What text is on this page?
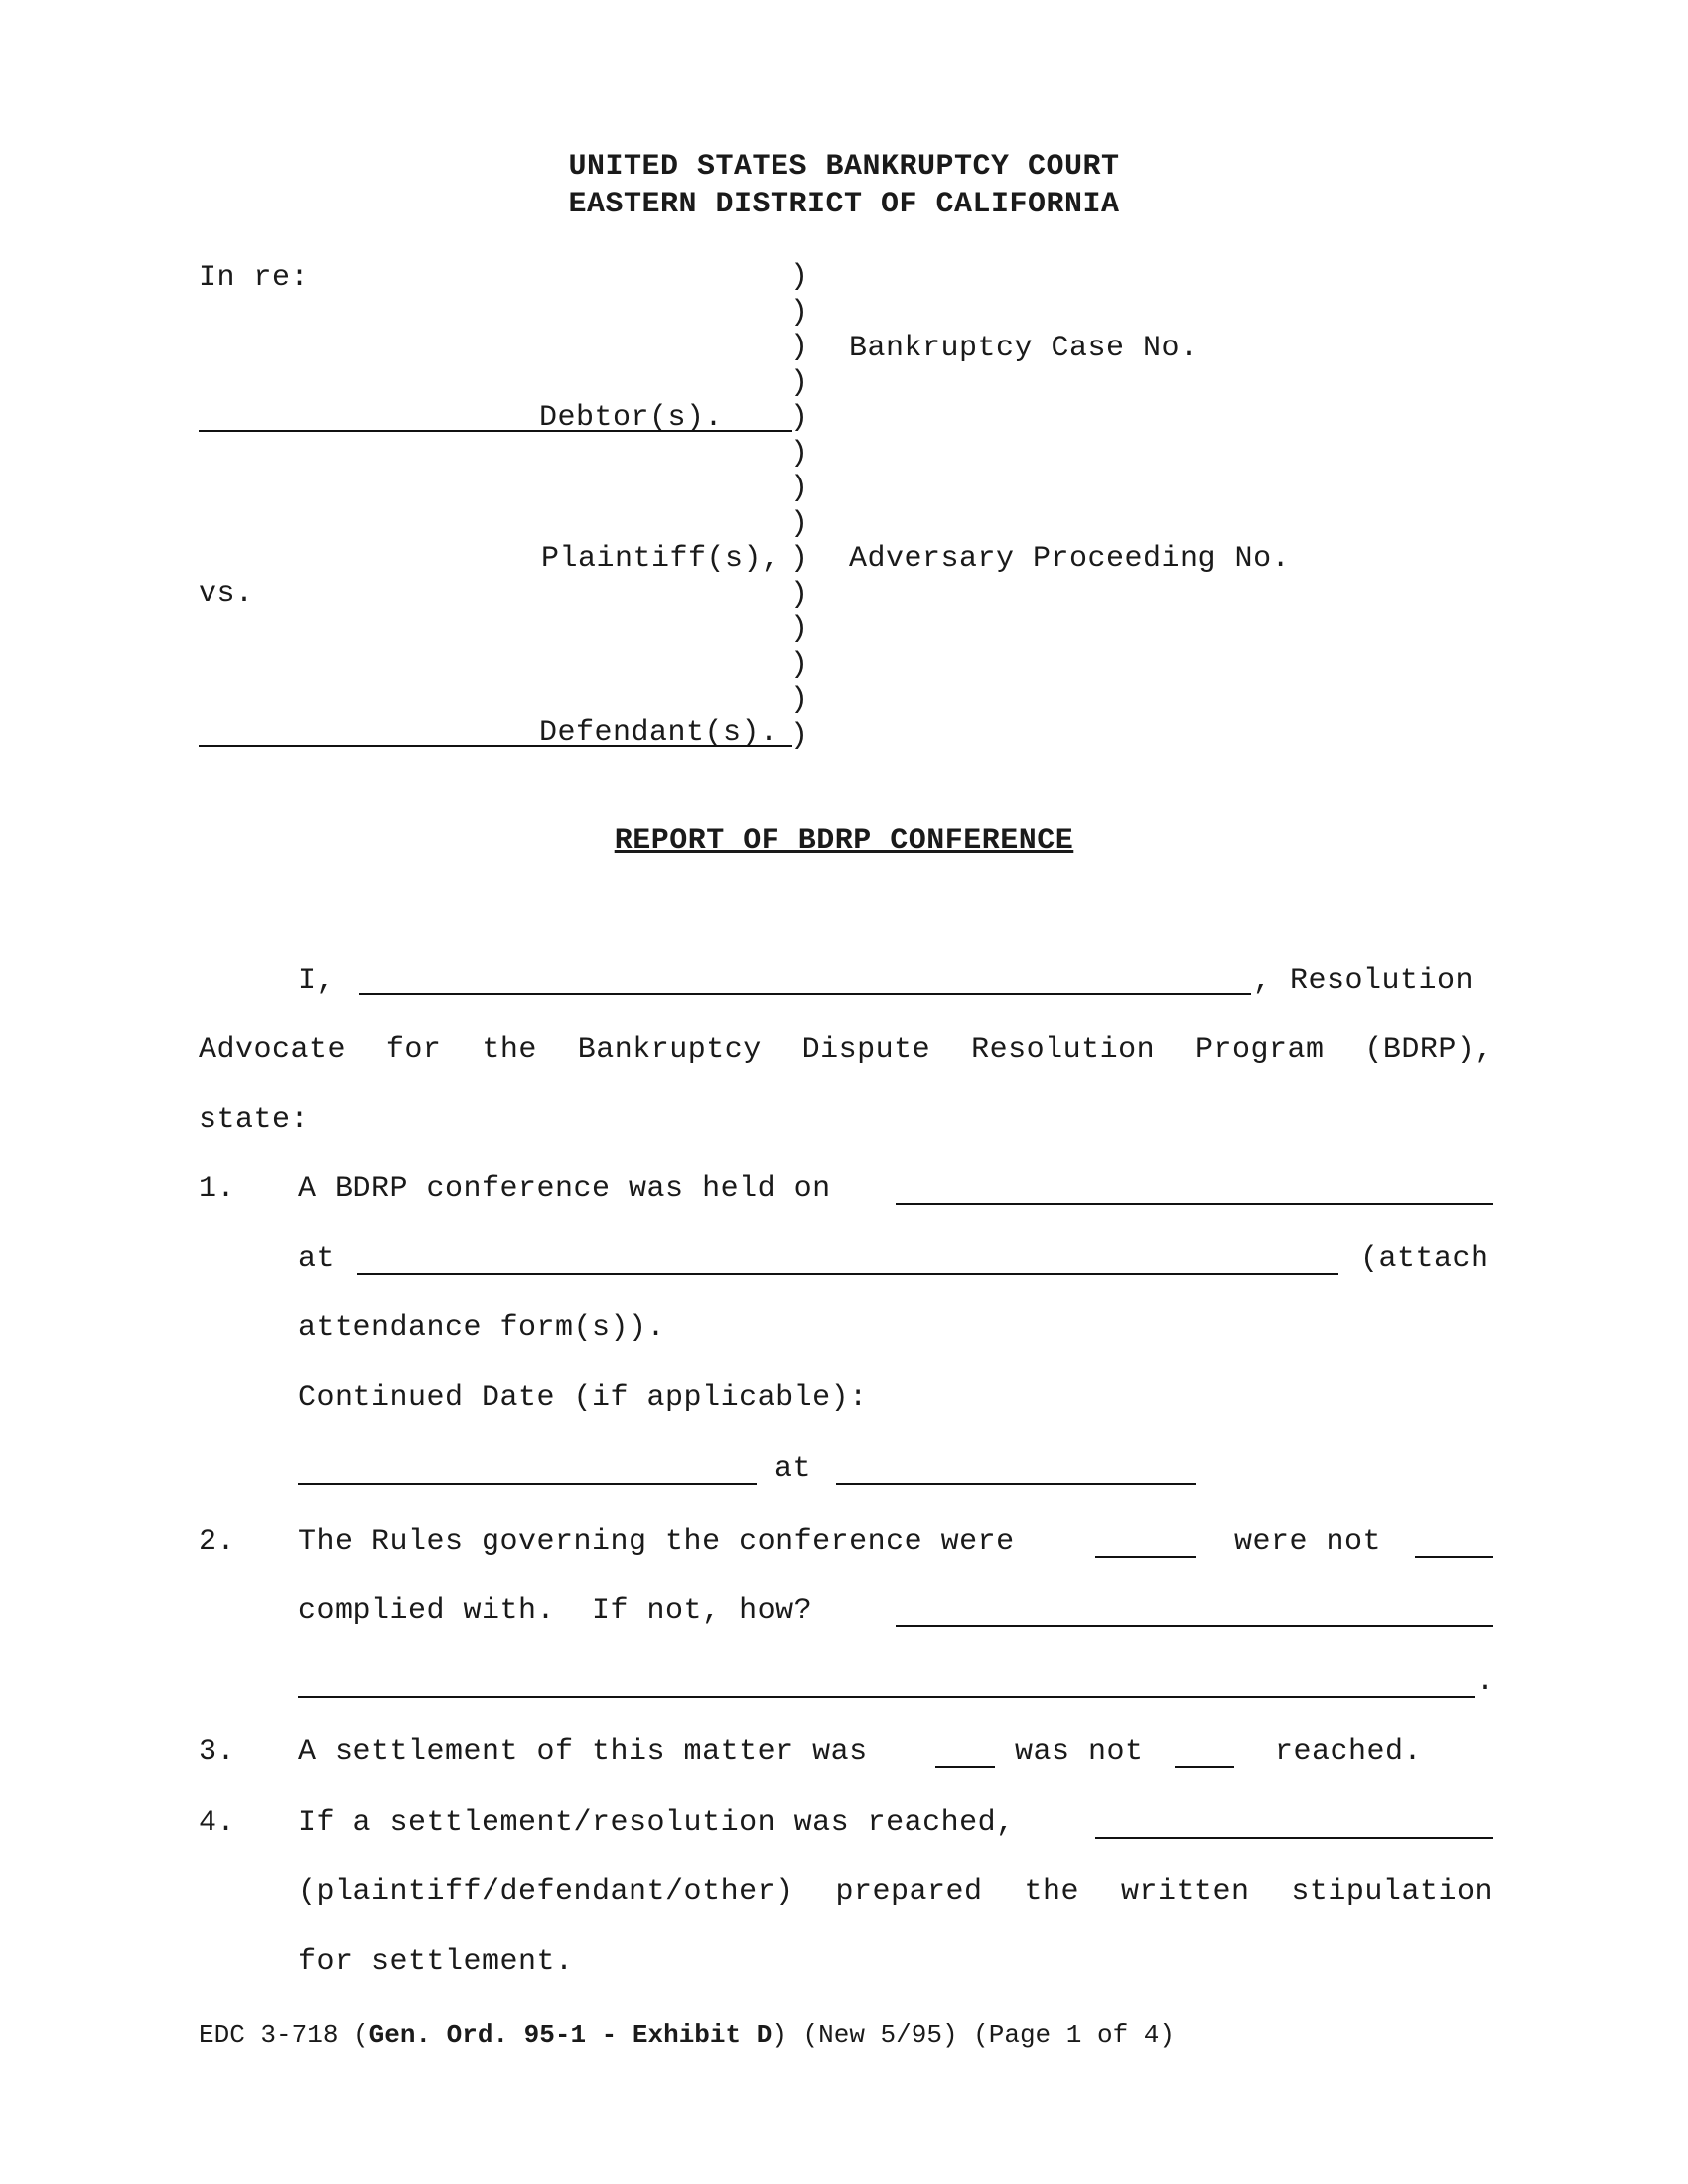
UNITED STATES BANKRUPTCY COURT
EASTERN DISTRICT OF CALIFORNIA
In re:
Debtor(s).
Plaintiff(s),
vs.
Defendant(s).
)
)
)
)
)
)
)
)
)
)
)
)
)
)
Bankruptcy Case No.
Adversary Proceeding No.
REPORT OF BDRP CONFERENCE
I,	, Resolution
Advocate for the Bankruptcy Dispute Resolution Program (BDRP),
state:
1. A BDRP conference was held on
at	(attach
attendance form(s)).
Continued Date (if applicable):
at
2. The Rules governing the conference were	were not
complied with.  If not, how?
.
3. A settlement of this matter was	was not	reached.
4. If a settlement/resolution was reached,
(plaintiff/defendant/other) prepared the written stipulation
for settlement.
EDC 3-718 (Gen. Ord. 95-1 - Exhibit D) (New 5/95) (Page 1 of 4)
